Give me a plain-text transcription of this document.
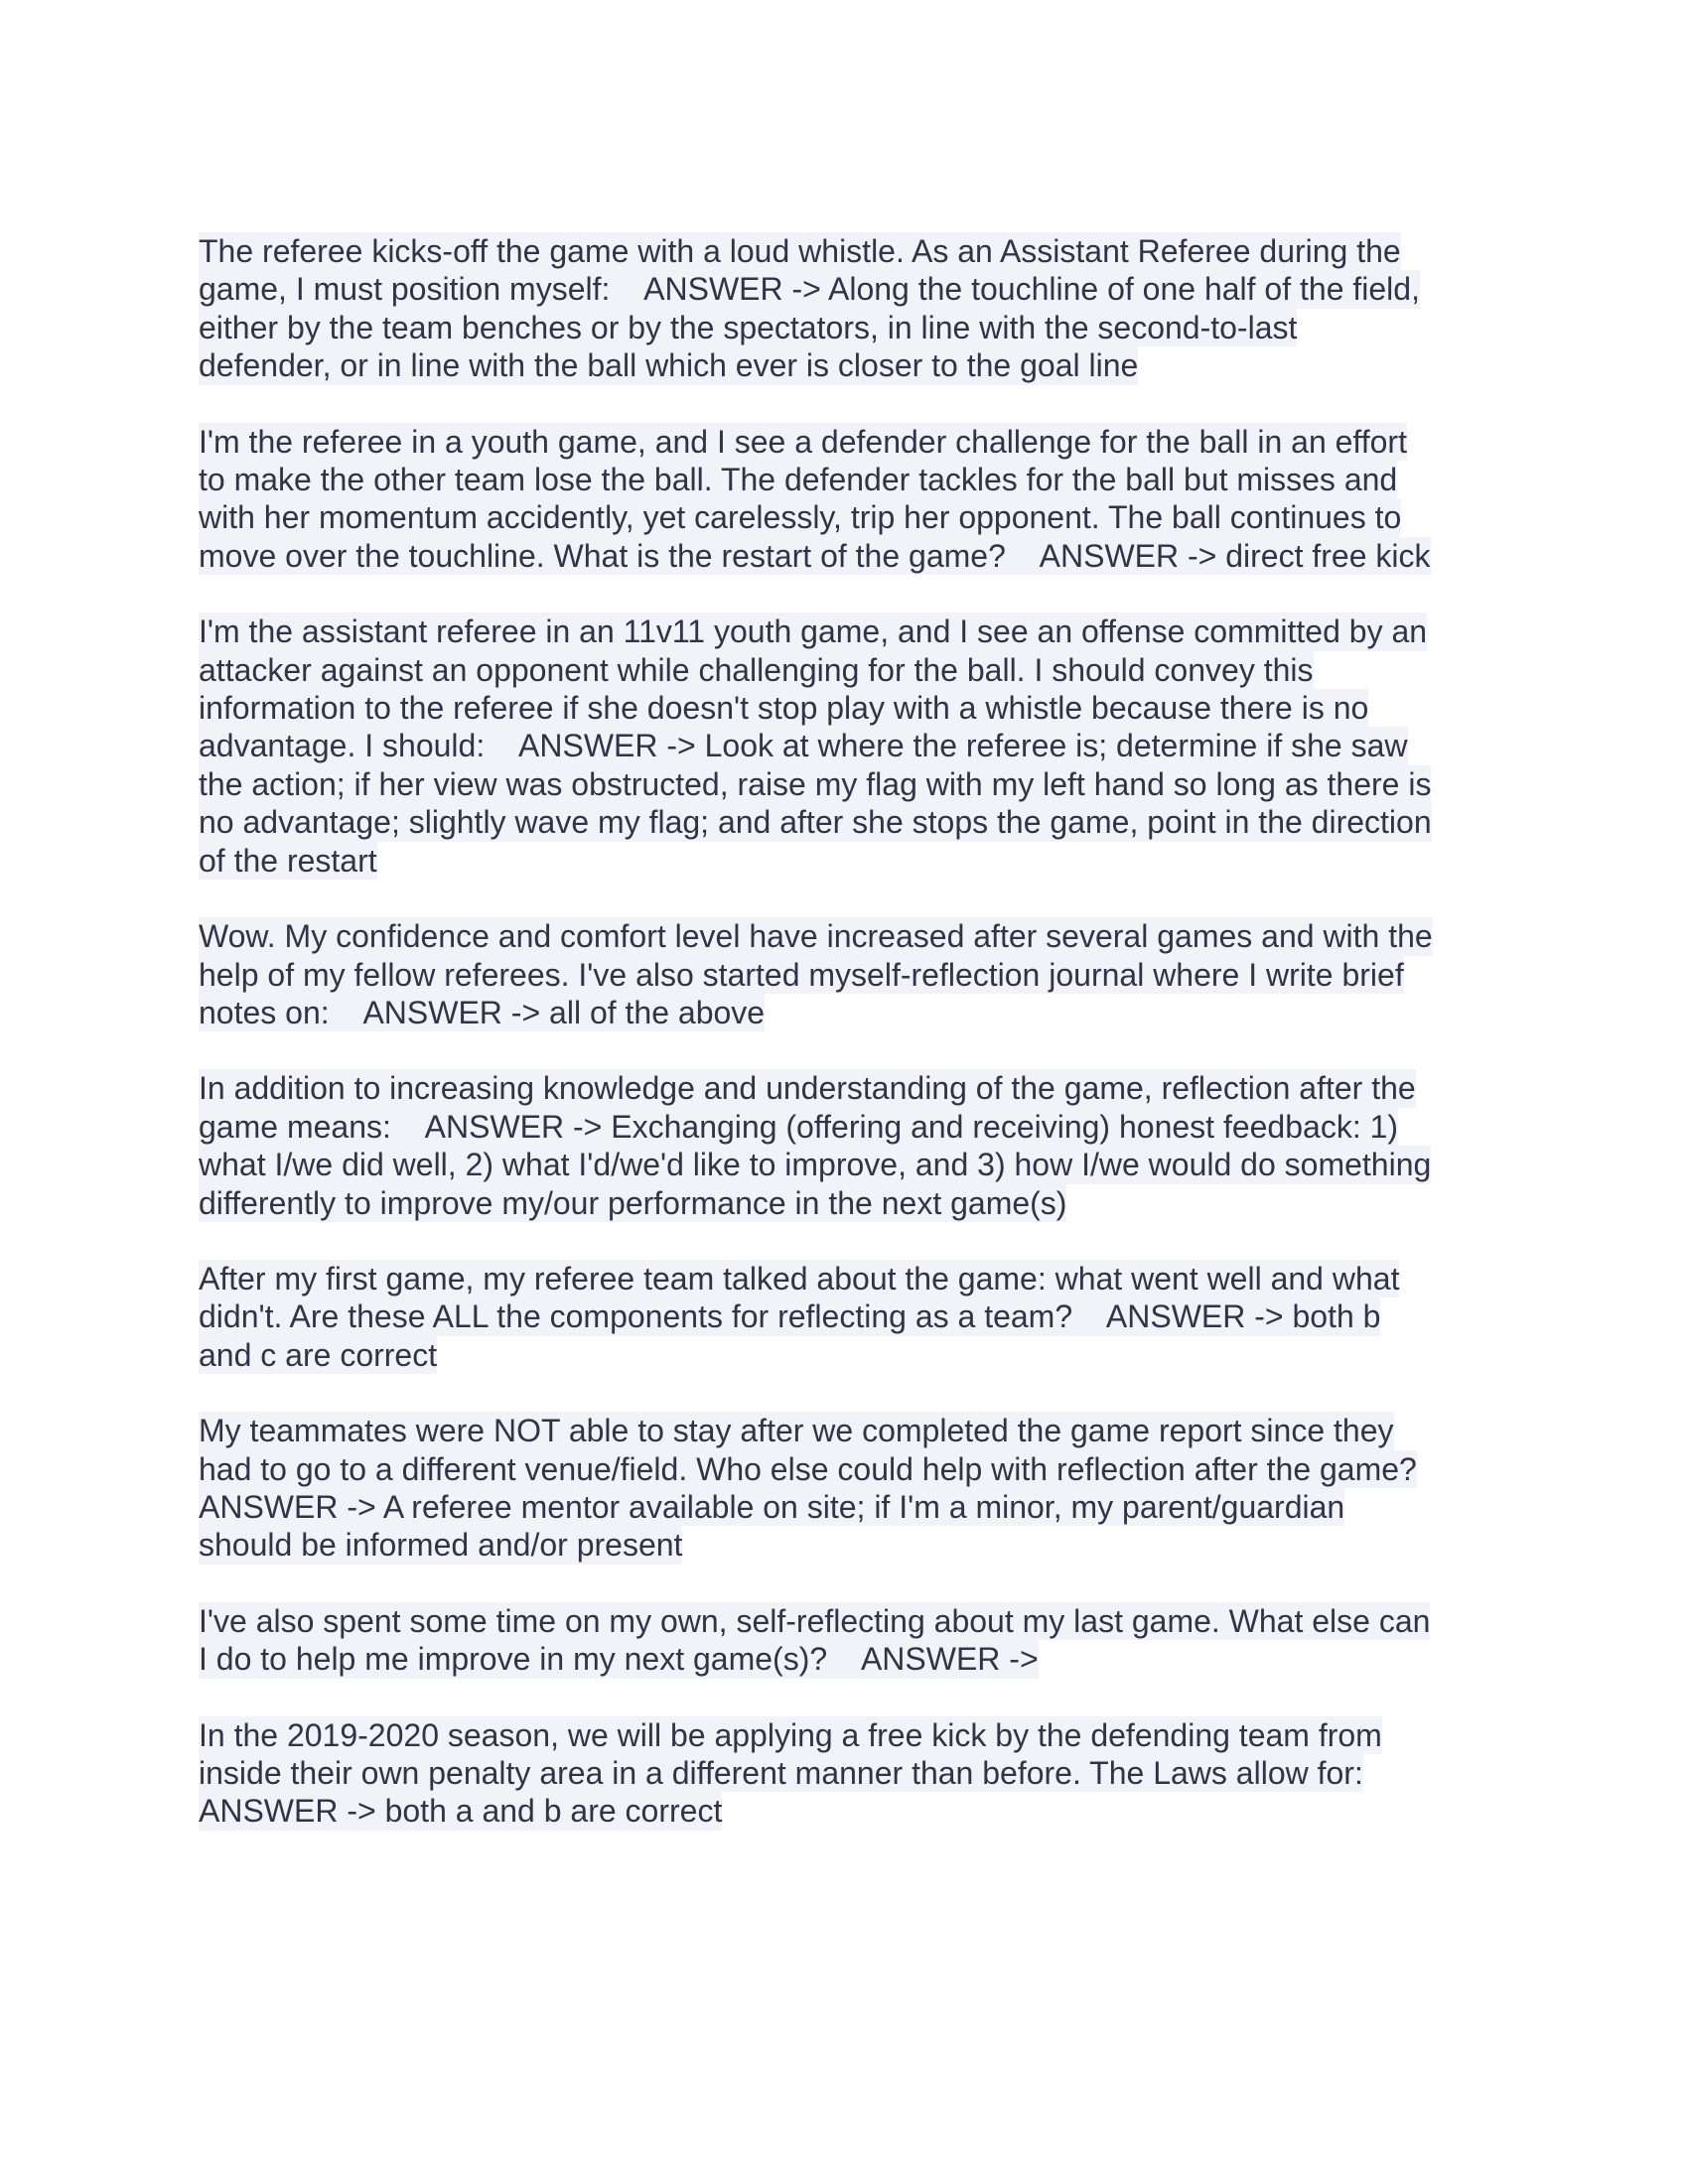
The referee kicks-off the game with a loud whistle. As an Assistant Referee during the
game, I must position myself:    ANSWER -> Along the touchline of one half of the field,
either by the team benches or by the spectators, in line with the second-to-last
defender, or in line with the ball which ever is closer to the goal line
I'm the referee in a youth game, and I see a defender challenge for the ball in an effort
to make the other team lose the ball. The defender tackles for the ball but misses and
with her momentum accidently, yet carelessly, trip her opponent. The ball continues to
move over the touchline. What is the restart of the game?    ANSWER -> direct free kick
I'm the assistant referee in an 11v11 youth game, and I see an offense committed by an
attacker against an opponent while challenging for the ball. I should convey this
information to the referee if she doesn't stop play with a whistle because there is no
advantage. I should:    ANSWER -> Look at where the referee is; determine if she saw
the action; if her view was obstructed, raise my flag with my left hand so long as there is
no advantage; slightly wave my flag; and after she stops the game, point in the direction
of the restart
Wow. My confidence and comfort level have increased after several games and with the
help of my fellow referees. I've also started myself-reflection journal where I write brief
notes on:    ANSWER -> all of the above
In addition to increasing knowledge and understanding of the game, reflection after the
game means:    ANSWER -> Exchanging (offering and receiving) honest feedback: 1)
what I/we did well, 2) what I'd/we'd like to improve, and 3) how I/we would do something
differently to improve my/our performance in the next game(s)
After my first game, my referee team talked about the game: what went well and what
didn't. Are these ALL the components for reflecting as a team?    ANSWER -> both b
and c are correct
My teammates were NOT able to stay after we completed the game report since they
had to go to a different venue/field. Who else could help with reflection after the game?
ANSWER -> A referee mentor available on site; if I'm a minor, my parent/guardian
should be informed and/or present
I've also spent some time on my own, self-reflecting about my last game. What else can
I do to help me improve in my next game(s)?    ANSWER ->
In the 2019-2020 season, we will be applying a free kick by the defending team from
inside their own penalty area in a different manner than before. The Laws allow for:
ANSWER -> both a and b are correct
